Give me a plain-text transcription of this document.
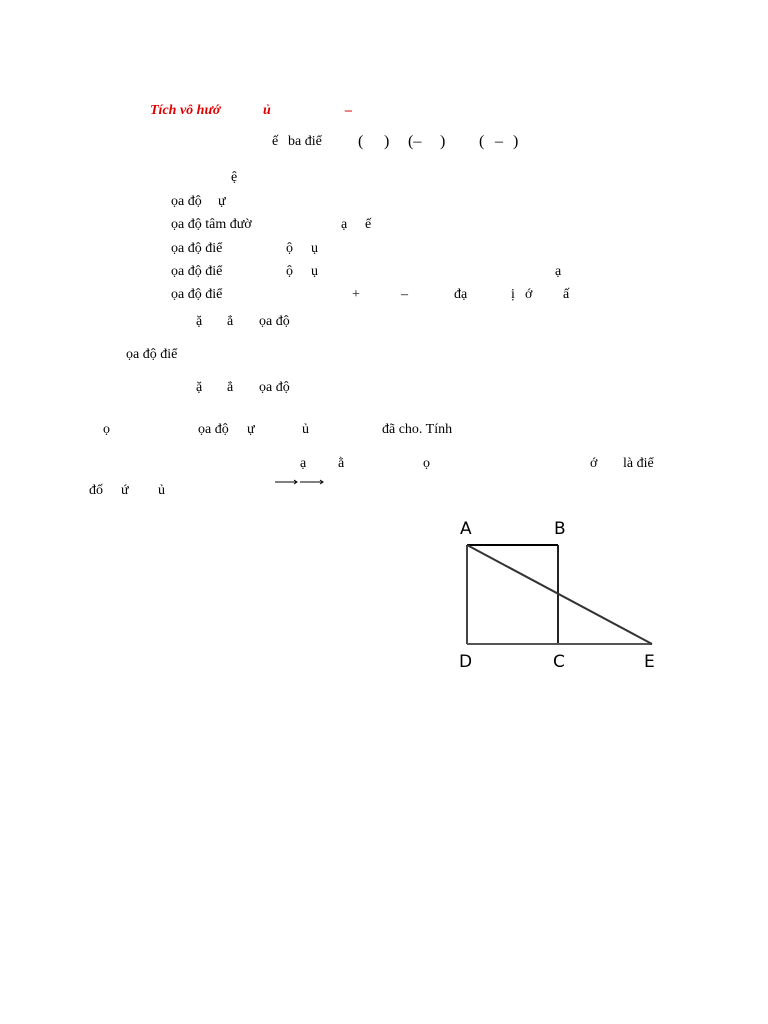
Tích vô hướ	ủ	–
ế ba điể ( ) (– ) ( – )
ệ
ọa độ ự
ọa độ tâm đườ	ạ ế
ọa độ điể	ộ ụ
ọa độ điể	ộ ụ	ạ
ọa độ điể	+	–	đạ	ị ớ ấ
ặ ẳ ọa độ
ọa độ điể
ặ ẳ ọa độ
ọ	ọa độ ự	ủ	đã cho. Tính
ạ ằ	ọ	ớ là điể
đố ứ ủ
A	B
D	C	E
